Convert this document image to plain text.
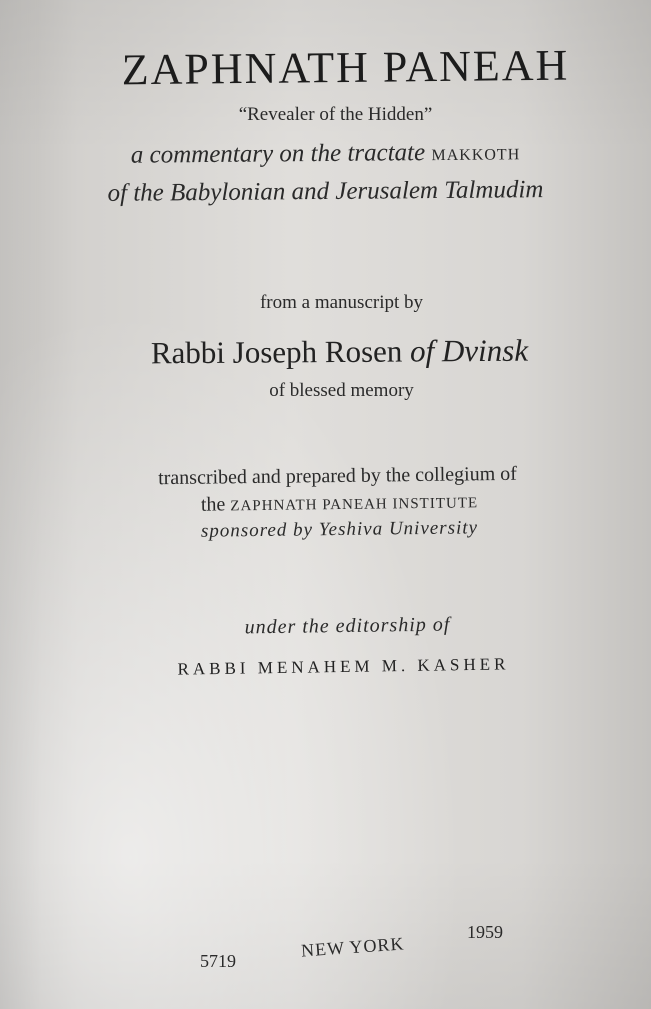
ZAPHNATH PANEAH
“Revealer of the Hidden”
a commentary on the tractate MAKKOTH
of the Babylonian and Jerusalem Talmudim
from a manuscript by
Rabbi Joseph Rosen of Dvinsk
of blessed memory
transcribed and prepared by the collegium of
the ZAPHNATH PANEAH INSTITUTE
sponsored by Yeshiva University
under the editorship of
RABBI MENAHEM M. KASHER
5719
NEW YORK
1959
